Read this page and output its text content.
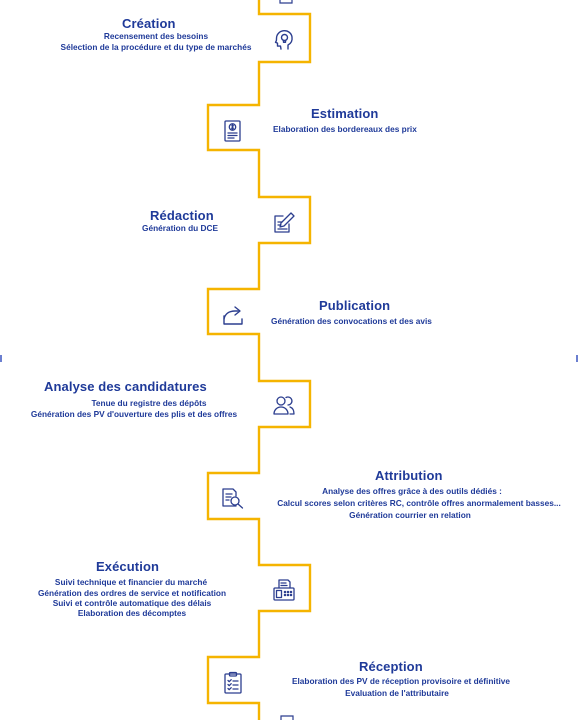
Création
Recensement des besoins
Sélection de la procédure et du type de marchés
Estimation
Elaboration des bordereaux des prix
Rédaction
Génération du DCE
Publication
Génération des convocations et des avis
Analyse des candidatures
Tenue du registre des dépôts
Génération des PV d'ouverture des plis et des offres
Attribution
Analyse des offres grâce à des outils dédiés :
Calcul scores selon critères RC, contrôle offres anormalement basses...
Génération courrier en relation
Exécution
Suivi technique et financier du marché
Génération des ordres de service et notification
Suivi et contrôle automatique des délais
Elaboration des décomptes
Réception
Elaboration des PV de réception provisoire et définitive
Evaluation de l'attributaire
